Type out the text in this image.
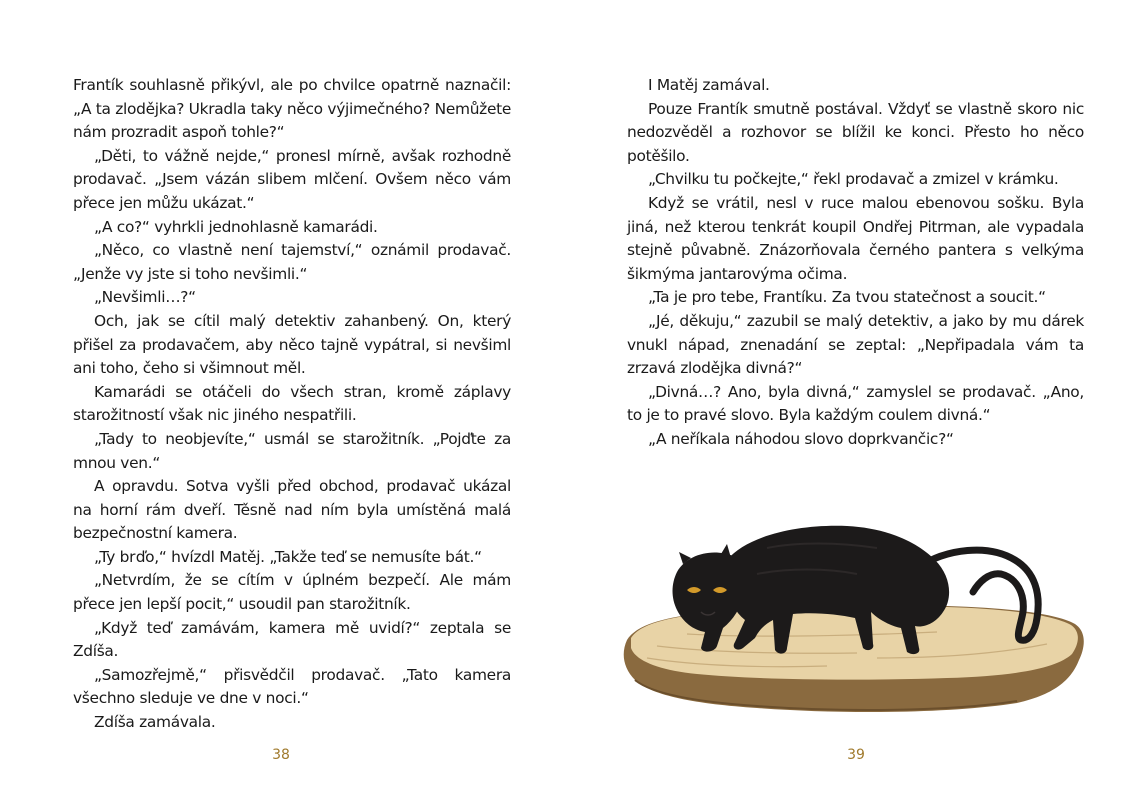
Frantík souhlasně přikývl, ale po chvilce opatrně naznačil: „A ta zlodějka? Ukradla taky něco výjimečného? Nemůžete nám prozradit aspoň tohle?“

„Děti, to vážně nejde,“ pronesl mírně, avšak rozhodně prodavač. „Jsem vázán slibem mlčení. Ovšem něco vám přece jen můžu ukázat.“

„A co?“ vyhrkli jednohlasně kamarádi.

„Něco, co vlastně není tajemství,“ oznámil prodavač. „Jenže vy jste si toho nevšimli.“

„Nevšimli…?“

Och, jak se cítil malý detektiv zahanbený. On, který přišel za prodavačem, aby něco tajně vypátral, si nevšiml ani toho, čeho si všimnout měl.

Kamarádi se otáčeli do všech stran, kromě záplavy starožitností však nic jiného nespatřili.

„Tady to neobjevíte,“ usmál se starožitník. „Pojďte za mnou ven.“

A opravdu. Sotva vyšli před obchod, prodavač ukázal na horní rám dveří. Těsně nad ním byla umístěná malá bezpečnostní kamera.

„Ty brďo,“ hvízdl Matěj. „Takže teď se nemusíte bát.“

„Netvrdím, že se cítím v úplném bezpečí. Ale mám přece jen lepší pocit,“ usoudil pan starožitník.

„Když teď zamávám, kamera mě uvidí?“ zeptala se Zdíša.

„Samozřejmě,“ přisvědčil prodavač. „Tato kamera všechno sleduje ve dne v noci.“

Zdíša zamávala.

38

I Matěj zamával.

Pouze Frantík smutně postával. Vždyť se vlastně skoro nic nedozvěděl a rozhovor se blížil ke konci. Přesto ho něco potěšilo.

„Chvilku tu počkejte,“ řekl prodavač a zmizel v krámku.

Když se vrátil, nesl v ruce malou ebenovou sošku. Byla jiná, než kterou tenkrát koupil Ondřej Pitrman, ale vypadala stejně půvabně. Znázorňovala černého pantera s velkýma šikmýma jantarovýma očima.

„Ta je pro tebe, Frantíku. Za tvou statečnost a soucit.“

„Jé, děkuju,“ zazubil se malý detektiv, a jako by mu dárek vnukl nápad, znenadání se zeptal: „Nepřipadala vám ta zrzavá zlodějka divná?“

„Divná…? Ano, byla divná,“ zamyslel se prodavač. „Ano, to je to pravé slovo. Byla každým coulem divná.“

„A neříkala náhodou slovo doprkvančic?“

39
